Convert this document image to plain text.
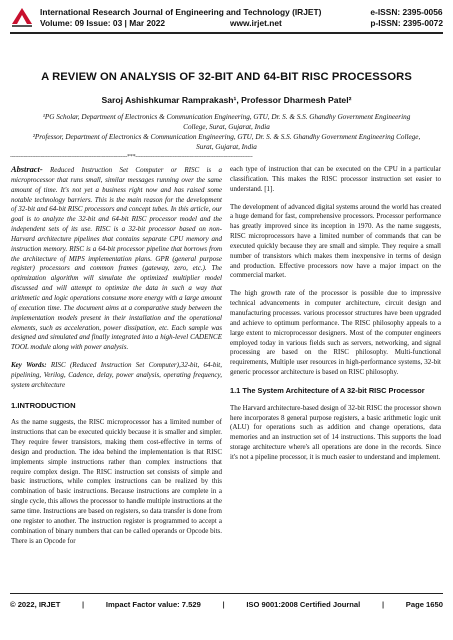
International Research Journal of Engineering and Technology (IRJET)
Volume: 09 Issue: 03 | Mar 2022	www.irjet.net
e-ISSN: 2395-0056
p-ISSN: 2395-0072
A REVIEW ON ANALYSIS OF 32-BIT AND 64-BIT RISC PROCESSORS
Saroj Ashishkumar Ramprakash¹, Professor Dharmesh Patel²
¹PG Scholar, Department of Electronics & Communication Engineering, GTU, Dr. S. & S.S. Ghandhy Government Engineering College, Surat, Gujarat, India
²Professor, Department of Electronics & Communication Engineering, GTU, Dr. S. & S.S. Ghandhy Government Engineering College, Surat, Gujarat, India
---------------------------------------------------------------------***---------------------------------------------------------------------

Abstract- Reduced Instruction Set Computer or RISC is a microprocessor that runs small, similar messages running over the same amount of time. It's not yet a business right now and has raised some notable technology barriers. This is the main reason for the development of 32-bit and 64-bit RISC processors and concept tubes. In this article, our goal is to analyze the 32-bit and 64-bit RISC processor model and the independent sets of its use. RISC is a 32-bit processor based on non-Harvard architecture pipelines that contains separate CPU memory and instruction memory. RISC is a 64-bit processor pipeline that borrows from the architecture of MIPS implementation plans. GPR (general purpose register) processors and common frames (gateway, zero, etc.). The optimization algorithm will simulate the optimized multiplier model discussed and will attempt to optimize the data in such a way that arithmetic and logic operations consume more energy with a large amount of execution time. The document aims at a comparative study between the implementation models present in their installation and the operational elements, such as acceleration, power dissipation, etc. Each sample was designed and simulated and finally integrated into a high-level CADENCE TOOL module along with power analysis.

Key Words: RISC (Reduced Instruction Set Computer),32-bit, 64-bit, pipelining, Verilog, Cadence, delay, power analysis, operating frequency, system architecture

1.INTRODUCTION

As the name suggests, the RISC microprocessor has a limited number of instructions that can be executed quickly because it is smaller and simpler. They require fewer transistors, making them cost-effective in terms of design and production. The idea behind the implementation is that RISC implements simple instructions rather than complex instructions that require complex design. The RISC instruction set consists of simple and basic instructions, while complex instructions can be realized by this combination of basic instructions. Because instructions are complete in a single cycle, this allows the processor to handle multiple instructions at the same time. Instructions are based on registers, so data transfer is done from one register to another. The instruction register is programmed to accept a combination of binary numbers that can be called operands or Opcode bits. There is an Opcode for

each type of instruction that can be executed on the CPU in a particular classification. This makes the RISC processor instruction set easier to understand. [1].

The development of advanced digital systems around the world has created a huge demand for fast, comprehensive processors. Processor performance has greatly improved since its inception in 1970. As the name suggests, RISC microprocessors have a limited number of commands that can be executed quickly because they are small and simple. They require a small number of transistors which makes them inexpensive in terms of design and production. Effective processors now have a major impact on the commercial market.

The high growth rate of the processor is possible due to impressive technical advancements in computer architecture, circuit design and manufacturing processes. various processor structures have been upgraded and achieve to optimum performance. The RISC philosophy appeals to a large extent to microprocessor designers. Most of the computer engineers employed today in various fields such as servers, networking, and signal processing are based on the RISC philosophy. Multi-functional requirements, Multiple user resources in high-performance systems, 32-bit generic processor architecture is based on RISC philosophy.

1.1 The System Architecture of A 32-bit RISC Processor

The Harvard architecture-based design of 32-bit RISC the processor shown here incorporates 8 general purpose registers, a basic arithmetic logic unit (ALU) for operations such as addition and change operations, data memories and an instruction set of 14 instructions. This supports the load storage architecture where's all operations are done in the records. Since it's not a pipeline processor, it is much easier to understand and implement.

© 2022, IRJET	|	Impact Factor value: 7.529	|	ISO 9001:2008 Certified Journal	|	Page 1650
